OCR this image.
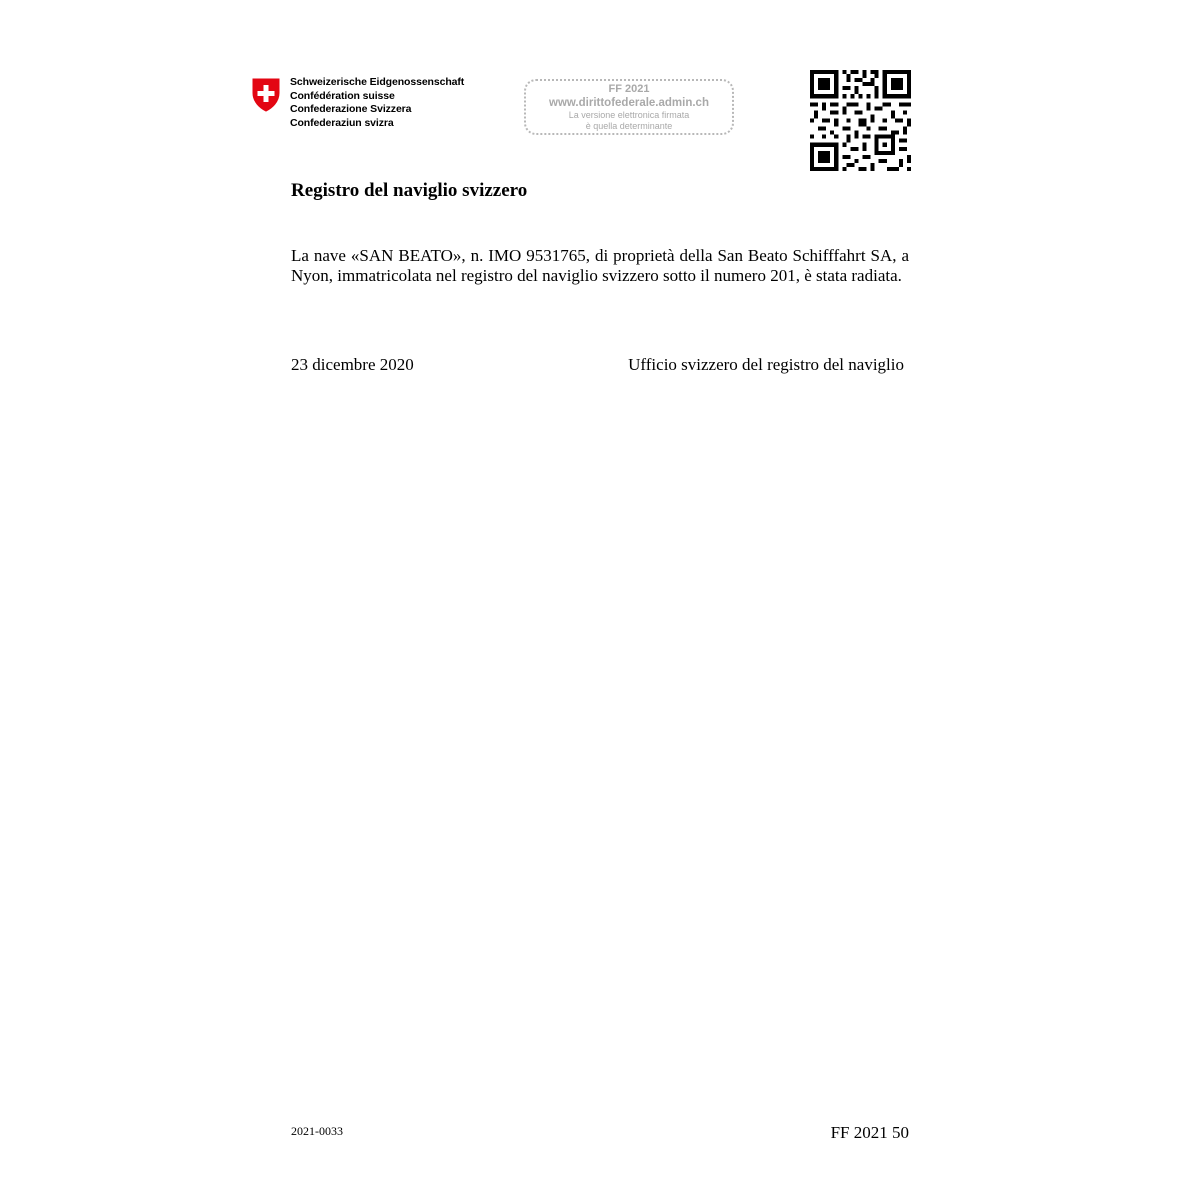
Schweizerische Eidgenossenschaft
Confédération suisse
Confederazione Svizzera
Confederaziun svizra
FF 2021
www.dirittofederale.admin.ch
La versione elettronica firmata
è quella determinante
Registro del naviglio svizzero
La nave «SAN BEATO», n. IMO 9531765, di proprietà della San Beato Schifffahrt SA, a Nyon, immatricolata nel registro del naviglio svizzero sotto il numero 201, è stata radiata.
23 dicembre 2020	Ufficio svizzero del registro del naviglio
2021-0033	FF 2021 50
